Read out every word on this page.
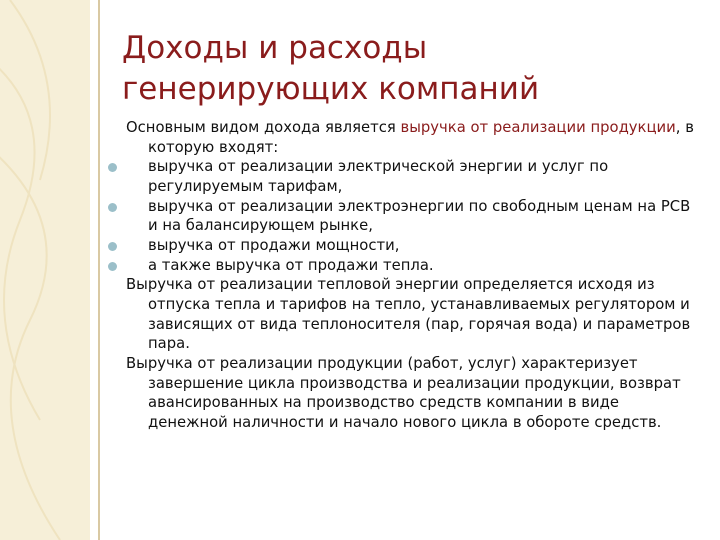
Доходы и расходы
генерирующих компаний

Основным видом дохода является выручка от реализации продукции, в которую входят:

выручка от реализации электрической энергии и услуг по регулируемым тарифам,

выручка от реализации электроэнергии по свободным ценам на РСВ и на балансирующем рынке,

выручка от продажи мощности,

а также выручка от продажи тепла.

Выручка от реализации тепловой энергии определяется исходя из отпуска тепла и тарифов на тепло, устанавливаемых регулятором и зависящих от вида теплоносителя (пар, горячая вода) и параметров пара.

Выручка от реализации продукции (работ, услуг) характеризует завершение цикла производства и реализации продукции, возврат авансированных на производство средств компании в виде денежной наличности и начало нового цикла в обороте средств.
